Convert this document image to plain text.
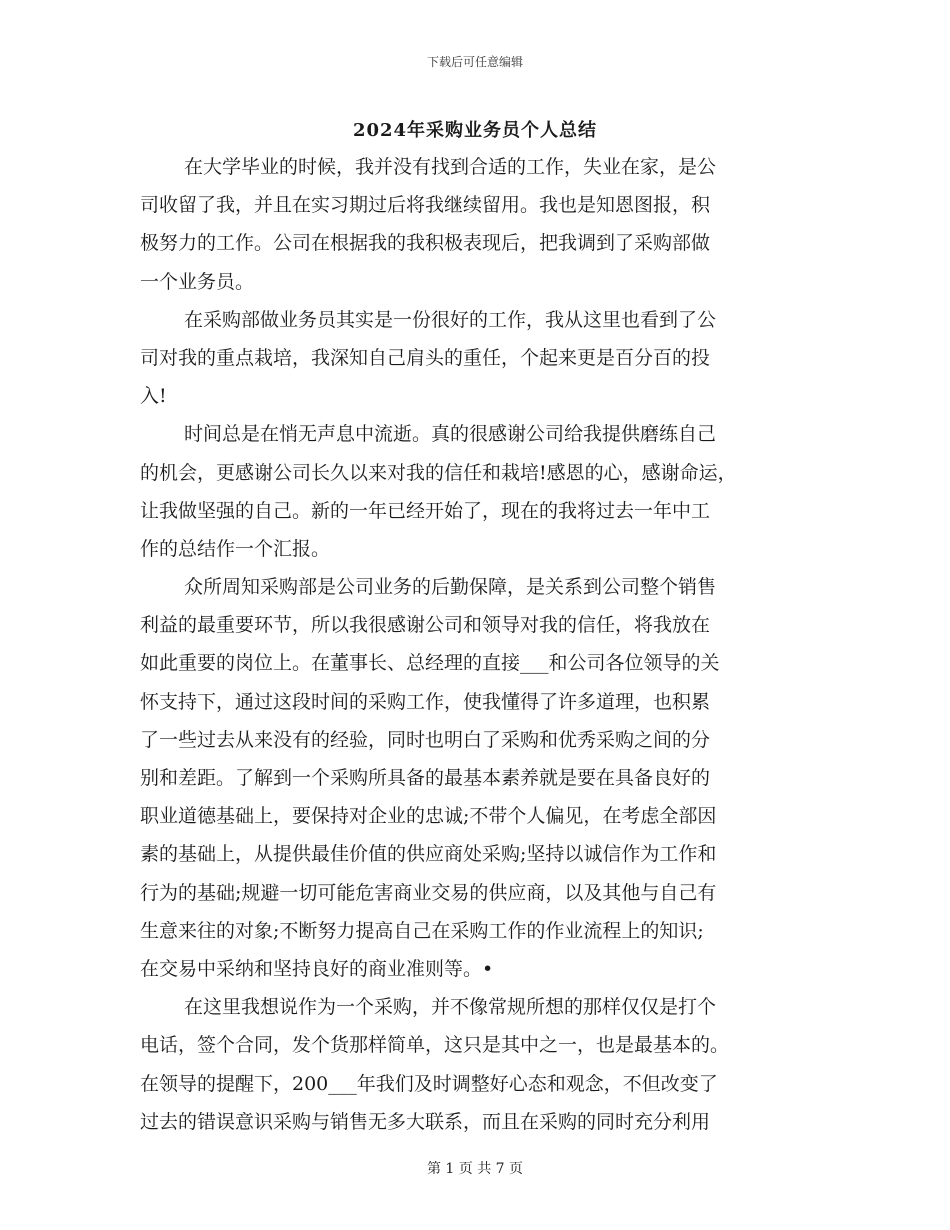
下载后可任意编辑
2024年采购业务员个人总结
在大学毕业的时候，我并没有找到合适的工作，失业在家，是公
司收留了我，并且在实习期过后将我继续留用。我也是知恩图报，积
极努力的工作。公司在根据我的我积极表现后，把我调到了采购部做
一个业务员。
在采购部做业务员其实是一份很好的工作，我从这里也看到了公
司对我的重点栽培，我深知自己肩头的重任，个起来更是百分百的投
入!
时间总是在悄无声息中流逝。真的很感谢公司给我提供磨练自己
的机会，更感谢公司长久以来对我的信任和栽培!感恩的心，感谢命运，
让我做坚强的自己。新的一年已经开始了，现在的我将过去一年中工
作的总结作一个汇报。
众所周知采购部是公司业务的后勤保障，是关系到公司整个销售
利益的最重要环节，所以我很感谢公司和领导对我的信任，将我放在
如此重要的岗位上。在董事长、总经理的直接___和公司各位领导的关
怀支持下，通过这段时间的采购工作，使我懂得了许多道理，也积累
了一些过去从来没有的经验，同时也明白了采购和优秀采购之间的分
别和差距。了解到一个采购所具备的最基本素养就是要在具备良好的
职业道德基础上，要保持对企业的忠诚;不带个人偏见，在考虑全部因
素的基础上，从提供最佳价值的供应商处采购;坚持以诚信作为工作和
行为的基础;规避一切可能危害商业交易的供应商，以及其他与自己有
生意来往的对象;不断努力提高自己在采购工作的作业流程上的知识;
在交易中采纳和坚持良好的商业准则等。•
在这里我想说作为一个采购，并不像常规所想的那样仅仅是打个
电话，签个合同，发个货那样简单，这只是其中之一，也是最基本的。
在领导的提醒下，200___年我们及时调整好心态和观念，不但改变了
过去的错误意识采购与销售无多大联系，而且在采购的同时充分利用
第 1 页 共 7 页
